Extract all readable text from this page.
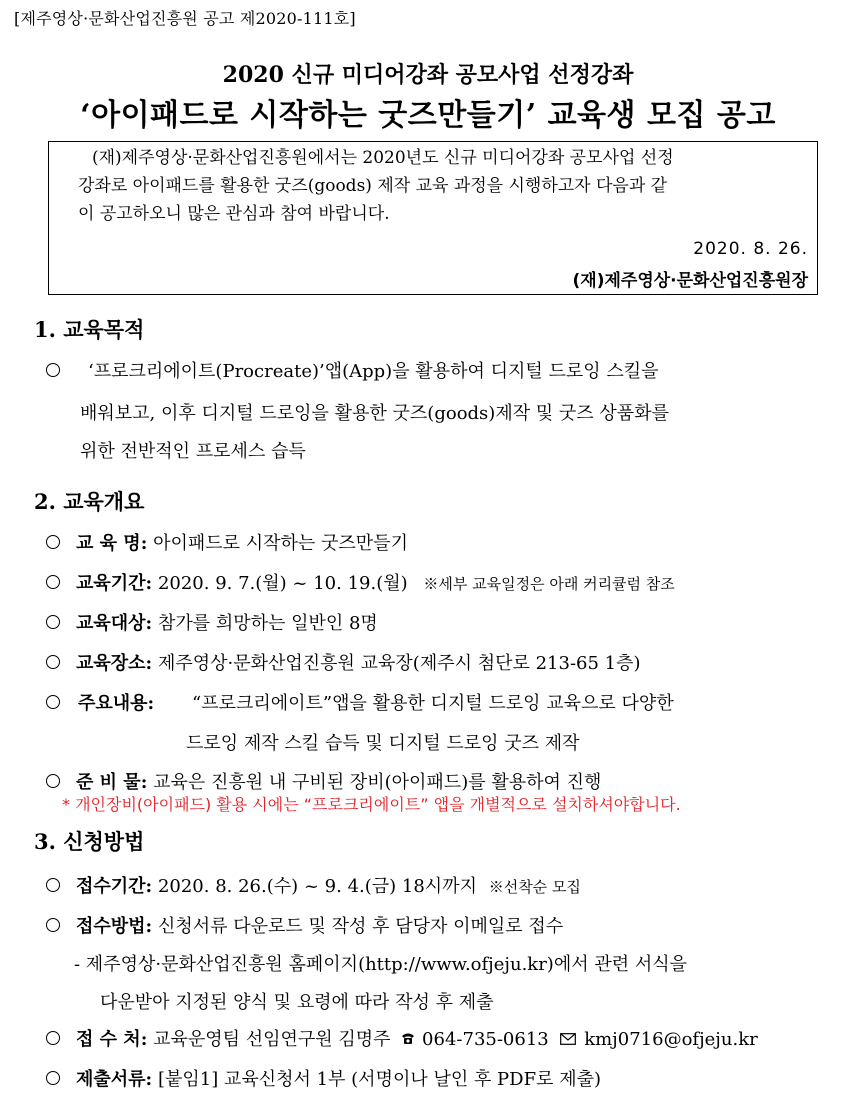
[제주영상·문화산업진흥원 공고 제2020-111호]
2020 신규 미디어강좌 공모사업 선정강좌
‘아이패드로 시작하는 굿즈만들기’ 교육생 모집 공고
(재)제주영상·문화산업진흥원에서는 2020년도 신규 미디어강좌 공모사업 선정
강좌로 아이패드를 활용한 굿즈(goods) 제작 교육 과정을 시행하고자 다음과 같
이 공고하오니 많은 관심과 참여 바랍니다.
2020. 8. 26.
(재)제주영상·문화산업진흥원장
1. 교육목적
‘프로크리에이트(Procreate)’앱(App)을 활용하여 디지털 드로잉 스킬을
배워보고, 이후 디지털 드로잉을 활용한 굿즈(goods)제작 및 굿즈 상품화를
위한 전반적인 프로세스 습득
2. 교육개요
교 육 명: 아이패드로 시작하는 굿즈만들기
교육기간: 2020. 9. 7.(월) ~ 10. 19.(월) ※세부 교육일정은 아래 커리큘럼 참조
교육대상: 참가를 희망하는 일반인 8명
교육장소: 제주영상·문화산업진흥원 교육장(제주시 첨단로 213-65 1층)
주요내용: “프로크리에이트”앱을 활용한 디지털 드로잉 교육으로 다양한
드로잉 제작 스킬 습득 및 디지털 드로잉 굿즈 제작
준 비 물: 교육은 진흥원 내 구비된 장비(아이패드)를 활용하여 진행
* 개인장비(아이패드) 활용 시에는 “프로크리에이트” 앱을 개별적으로 설치하셔야합니다.
3. 신청방법
접수기간: 2020. 8. 26.(수) ~ 9. 4.(금) 18시까지 ※선착순 모집
접수방법: 신청서류 다운로드 및 작성 후 담당자 이메일로 접수
- 제주영상·문화산업진흥원 홈페이지(http://www.ofjeju.kr)에서 관련 서식을
다운받아 지정된 양식 및 요령에 따라 작성 후 제출
접 수 처: 교육운영팀 선임연구원 김명주 064-735-0613 kmj0716@ofjeju.kr
제출서류: [붙임1] 교육신청서 1부 (서명이나 날인 후 PDF로 제출)
